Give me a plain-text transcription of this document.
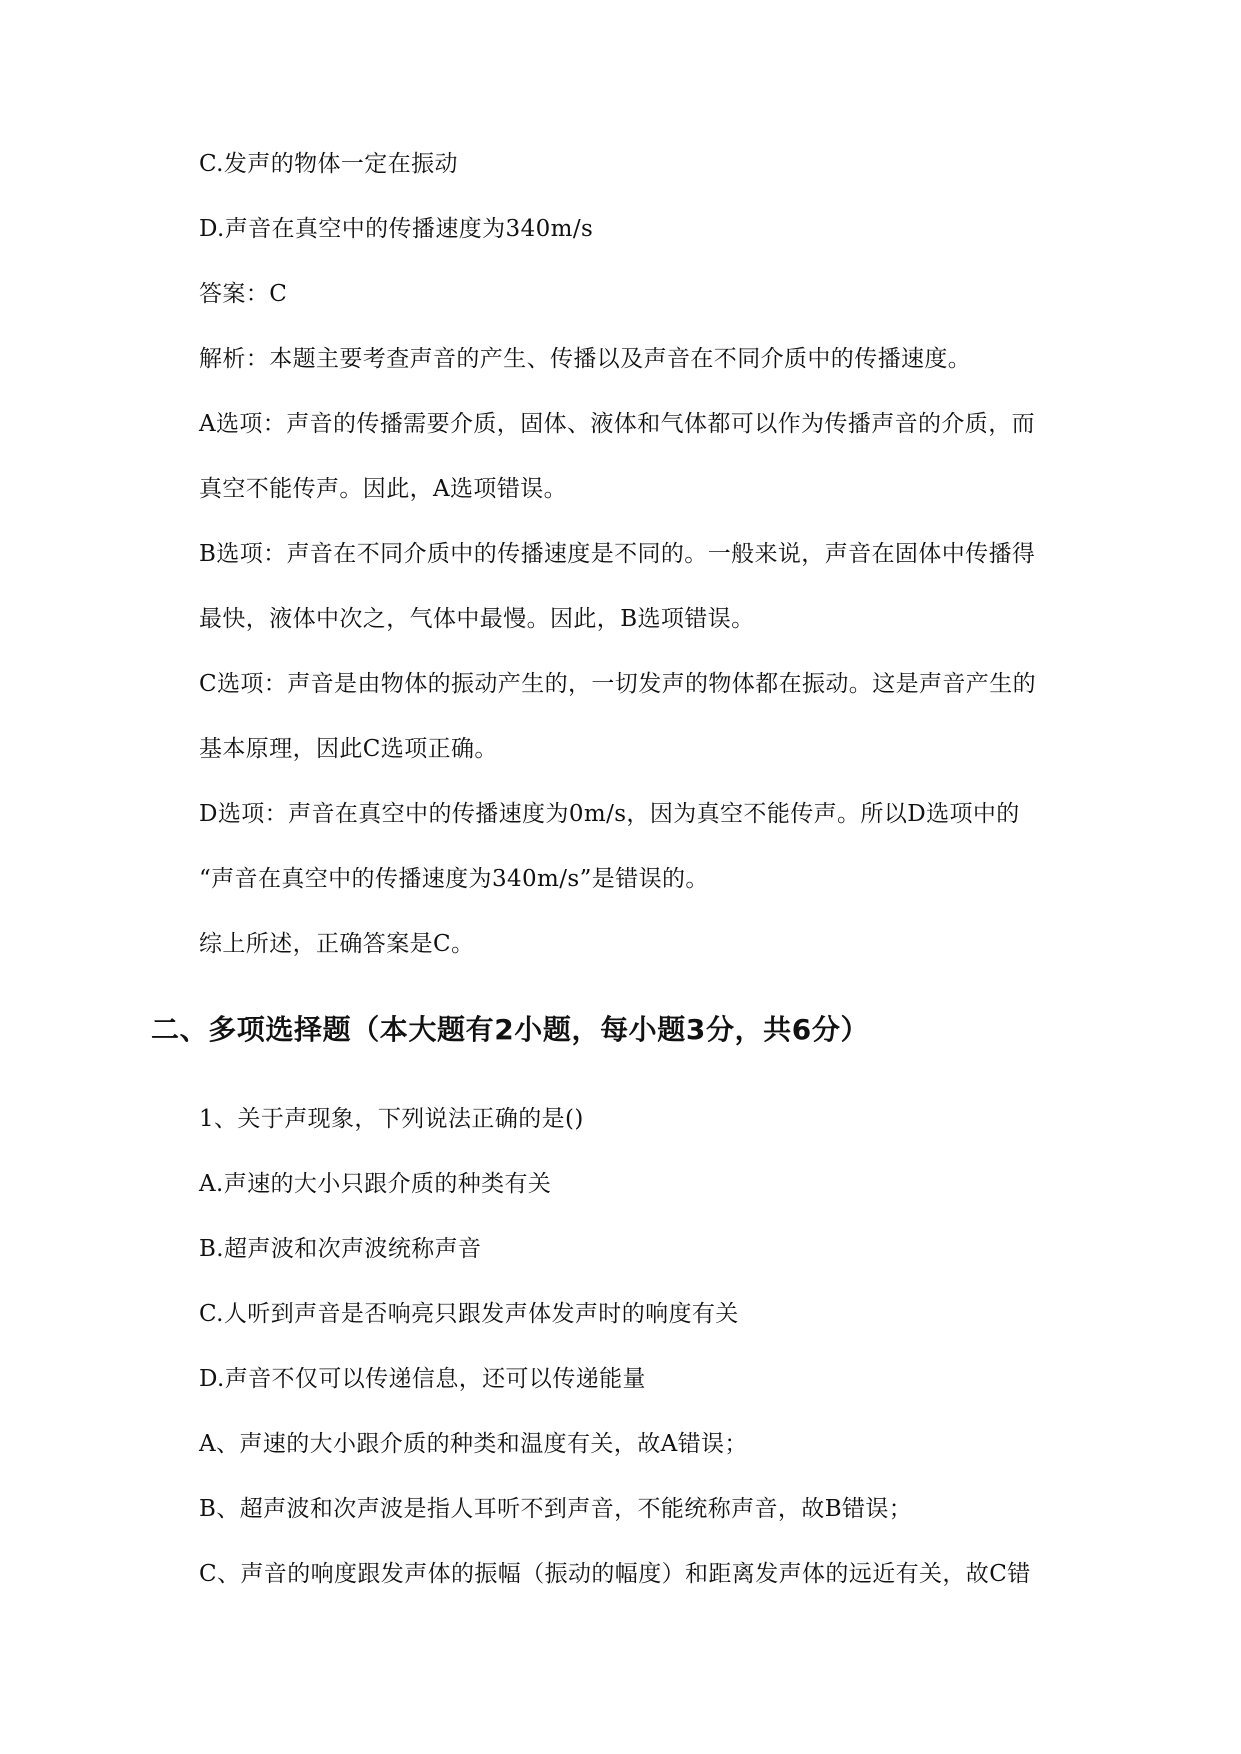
C.发声的物体一定在振动
D.声音在真空中的传播速度为340m/s
答案：C
解析：本题主要考查声音的产生、传播以及声音在不同介质中的传播速度。
A选项：声音的传播需要介质，固体、液体和气体都可以作为传播声音的介质，而
真空不能传声。因此，A选项错误。
B选项：声音在不同介质中的传播速度是不同的。一般来说，声音在固体中传播得
最快，液体中次之，气体中最慢。因此，B选项错误。
C选项：声音是由物体的振动产生的，一切发声的物体都在振动。这是声音产生的
基本原理，因此C选项正确。
D选项：声音在真空中的传播速度为0m/s，因为真空不能传声。所以D选项中的
“声音在真空中的传播速度为340m/s”是错误的。
综上所述，正确答案是C。
二、多项选择题（本大题有2小题，每小题3分，共6分）
1、关于声现象，下列说法正确的是()
A.声速的大小只跟介质的种类有关
B.超声波和次声波统称声音
C.人听到声音是否响亮只跟发声体发声时的响度有关
D.声音不仅可以传递信息，还可以传递能量
A、声速的大小跟介质的种类和温度有关，故A错误；
B、超声波和次声波是指人耳听不到声音，不能统称声音，故B错误；
C、声音的响度跟发声体的振幅（振动的幅度）和距离发声体的远近有关，故C错
